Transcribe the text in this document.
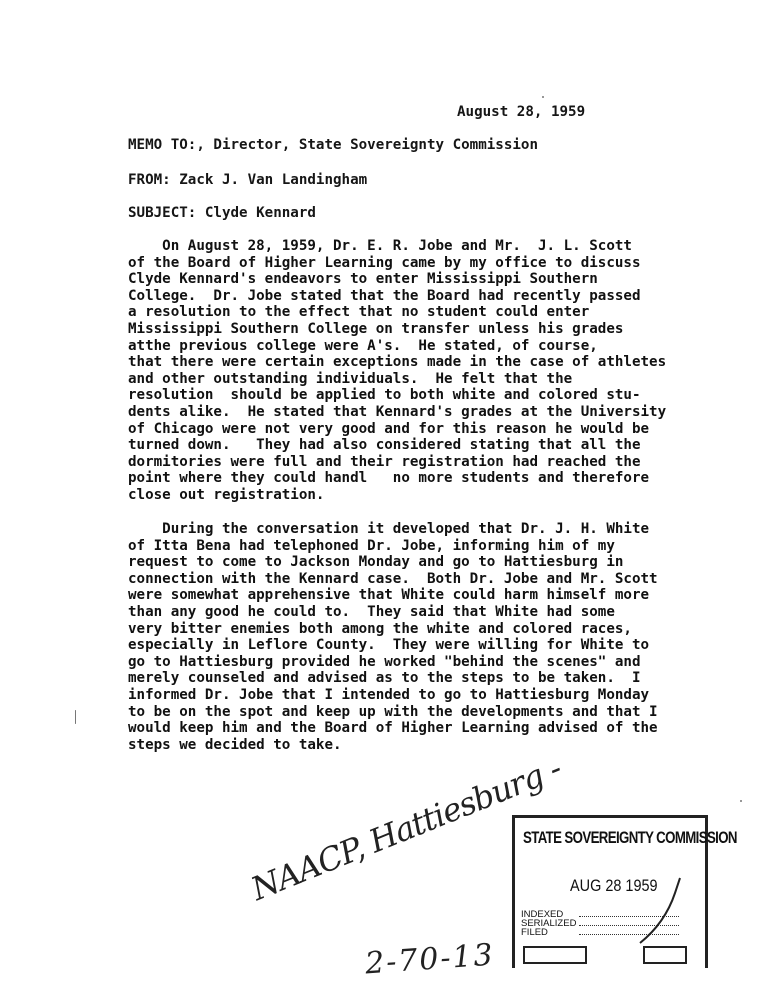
August 28, 1959
MEMO TO:, Director, State Sovereignty Commission
FROM: Zack J. Van Landingham
SUBJECT: Clyde Kennard
On August 28, 1959, Dr. E. R. Jobe and Mr.  J. L. Scott
of the Board of Higher Learning came by my office to discuss
Clyde Kennard's endeavors to enter Mississippi Southern
College.  Dr. Jobe stated that the Board had recently passed
a resolution to the effect that no student could enter
Mississippi Southern College on transfer unless his grades
atthe previous college were A's.  He stated, of course,
that there were certain exceptions made in the case of athletes
and other outstanding individuals.  He felt that the
resolution  should be applied to both white and colored stu-
dents alike.  He stated that Kennard's grades at the University
of Chicago were not very good and for this reason he would be
turned down.   They had also considered stating that all the
dormitories were full and their registration had reached the
point where they could handl   no more students and therefore
close out registration.
During the conversation it developed that Dr. J. H. White
of Itta Bena had telephoned Dr. Jobe, informing him of my
request to come to Jackson Monday and go to Hattiesburg in
connection with the Kennard case.  Both Dr. Jobe and Mr. Scott
were somewhat apprehensive that White could harm himself more
than any good he could to.  They said that White had some
very bitter enemies both among the white and colored races,
especially in Leflore County.  They were willing for White to
go to Hattiesburg provided he worked "behind the scenes" and
merely counseled and advised as to the steps to be taken.  I
informed Dr. Jobe that I intended to go to Hattiesburg Monday
to be on the spot and keep up with the developments and that I
would keep him and the Board of Higher Learning advised of the
steps we decided to take.
NAACP, Hattiesburg -
2-70-13
STATE SOVEREIGNTY COMMISSION
AUG 28 1959
INDEXED
SERIALIZED
FILED
